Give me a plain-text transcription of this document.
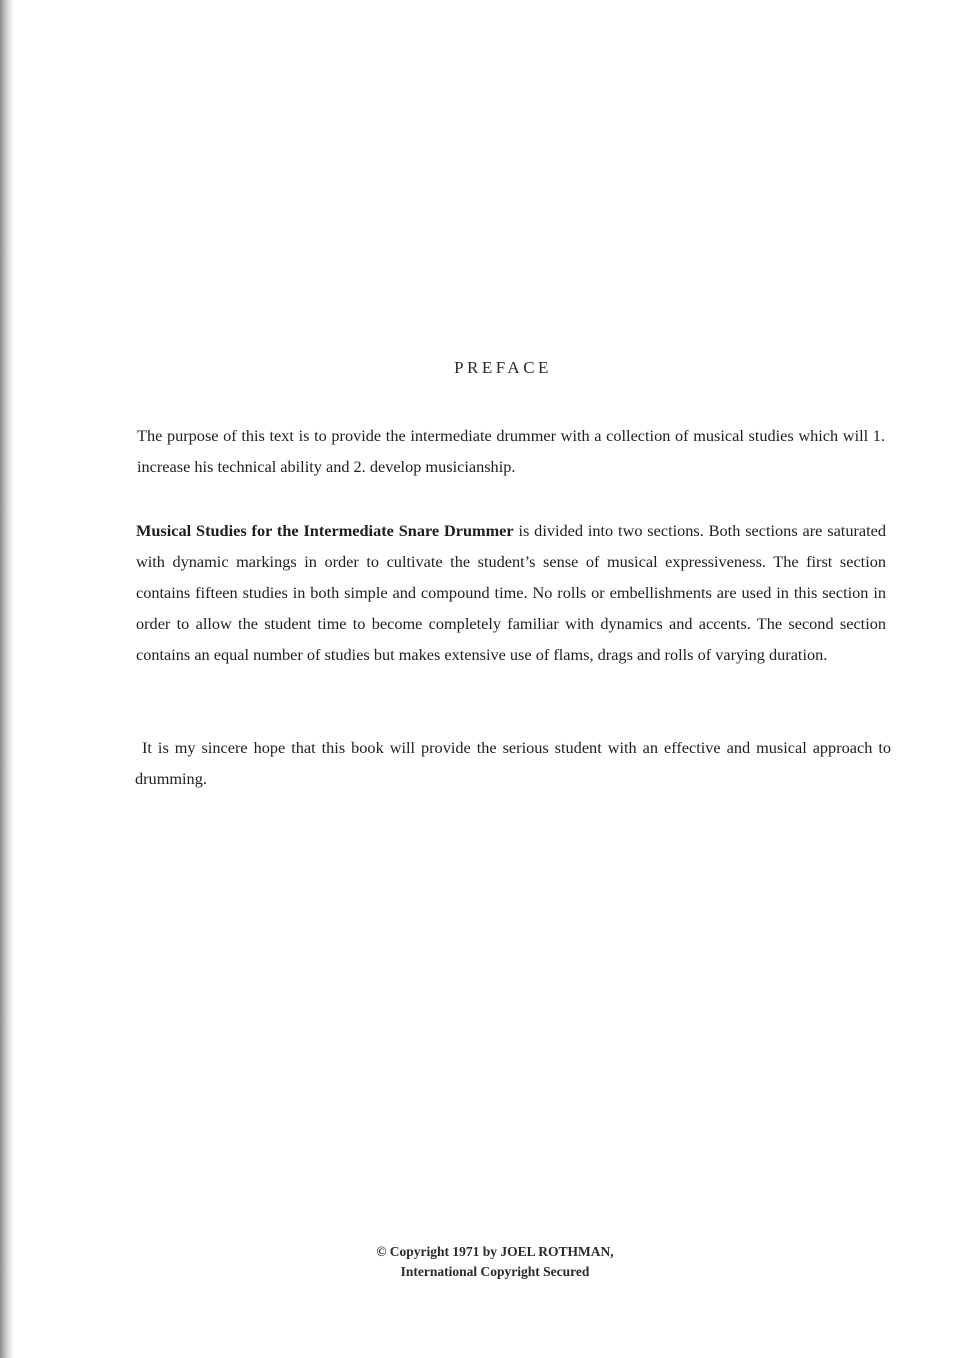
PREFACE

The purpose of this text is to provide the intermediate drummer with a collection of musical studies which will 1. increase his technical ability and 2. develop musicianship.

Musical Studies for the Intermediate Snare Drummer is divided into two sections. Both sections are saturated with dynamic markings in order to cultivate the student’s sense of musical expressiveness. The first section contains fifteen studies in both simple and compound time. No rolls or embellishments are used in this section in order to allow the student time to become completely familiar with dynamics and accents. The second section contains an equal number of studies but makes extensive use of flams, drags and rolls of varying duration.

It is my sincere hope that this book will provide the serious student with an effective and musical approach to drumming.

© Copyright 1971 by JOEL ROTHMAN,
International Copyright Secured
